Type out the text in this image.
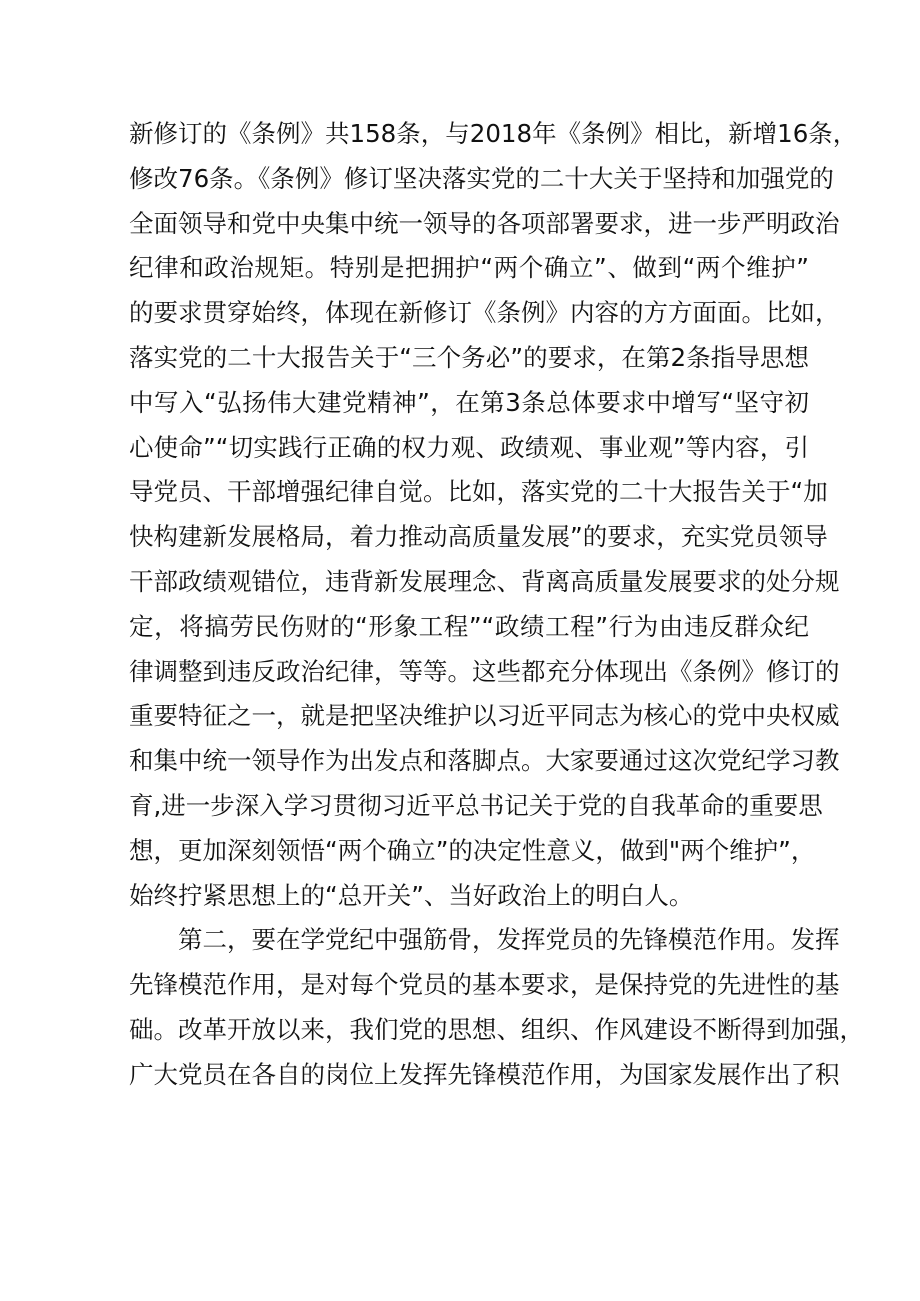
新修订的《条例》共158条，与2018年《条例》相比，新增16条，
修改76条。《条例》修订坚决落实党的二十大关于坚持和加强党的
全面领导和党中央集中统一领导的各项部署要求，进一步严明政治
纪律和政治规矩。特别是把拥护“两个确立”、做到“两个维护”
的要求贯穿始终，体现在新修订《条例》内容的方方面面。比如，
落实党的二十大报告关于“三个务必”的要求，在第2条指导思想
中写入“弘扬伟大建党精神”，在第3条总体要求中增写“坚守初
心使命”“切实践行正确的权力观、政绩观、事业观”等内容，引
导党员、干部增强纪律自觉。比如，落实党的二十大报告关于“加
快构建新发展格局，着力推动高质量发展”的要求，充实党员领导
干部政绩观错位，违背新发展理念、背离高质量发展要求的处分规
定，将搞劳民伤财的“形象工程”“政绩工程”行为由违反群众纪
律调整到违反政治纪律，等等。这些都充分体现出《条例》修订的
重要特征之一，就是把坚决维护以习近平同志为核心的党中央权威
和集中统一领导作为出发点和落脚点。大家要通过这次党纪学习教
育,进一步深入学习贯彻习近平总书记关于党的自我革命的重要思
想，更加深刻领悟“两个确立”的决定性意义，做到"两个维护”，
始终拧紧思想上的“总开关”、当好政治上的明白人。
　　第二，要在学党纪中强筋骨，发挥党员的先锋模范作用。发挥
先锋模范作用，是对每个党员的基本要求，是保持党的先进性的基
础。改革开放以来，我们党的思想、组织、作风建设不断得到加强，
广大党员在各自的岗位上发挥先锋模范作用，为国家发展作出了积
